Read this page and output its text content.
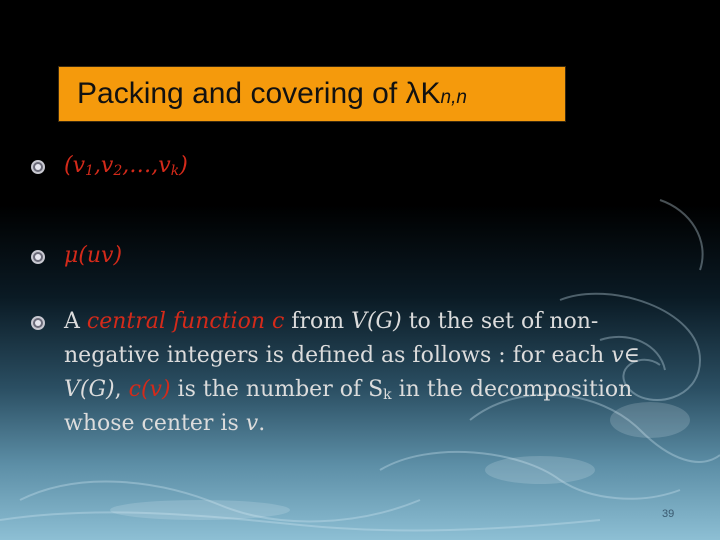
Packing and covering of λK n,n
(v1,v2,…,vk)
μ(uv)
A central function c from V(G) to the set of non-
negative integers is defined as follows : for each v∈
V(G), c(v) is the number of Sk in the decomposition
whose center is v.
39
